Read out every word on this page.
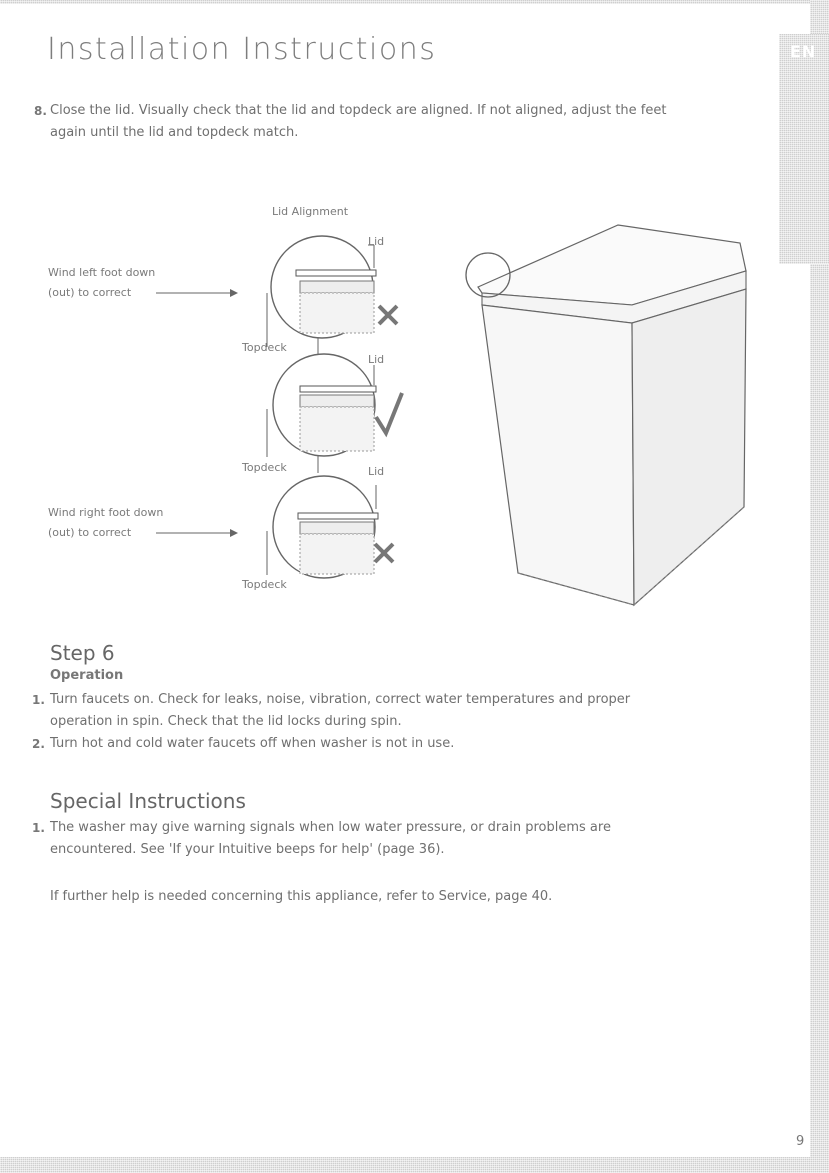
EN
Installation Instructions
8. Close the lid. Visually check that the lid and topdeck are aligned. If not aligned, adjust the feet
again until the lid and topdeck match.
Lid Alignment
Wind left foot down
(out) to correct
Wind right foot down
(out) to correct
Lid
Topdeck
Lid
Topdeck	Lid
Topdeck
Step 6
Operation
1. Turn faucets on. Check for leaks, noise, vibration, correct water temperatures and proper
operation in spin. Check that the lid locks during spin.
2. Turn hot and cold water faucets off when washer is not in use.
Special Instructions
1. The washer may give warning signals when low water pressure, or drain problems are
encountered. See 'If your Intuitive beeps for help' (page 36).
If further help is needed concerning this appliance, refer to Service, page 40.
9
